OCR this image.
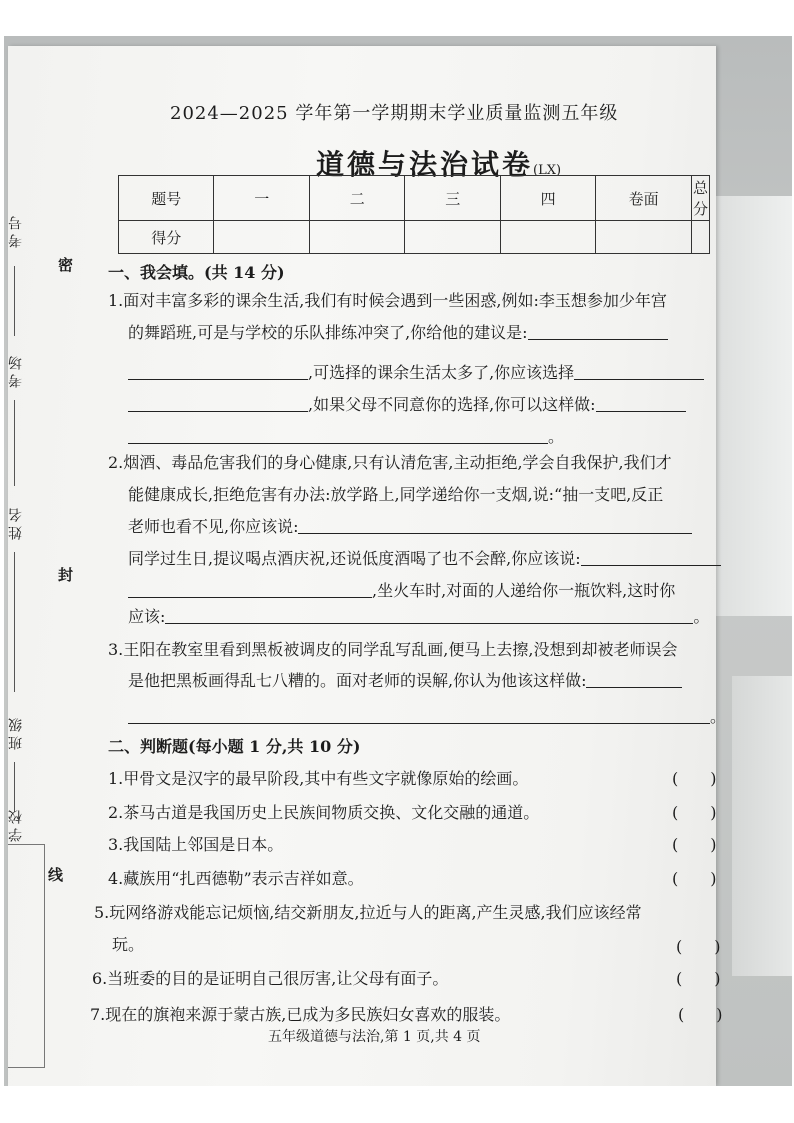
考号
考场
姓名
班级
学校
密
封
线
2024—2025 学年第一学期期末学业质量监测五年级
道德与法治试卷(LX)
题号	一	二	三	四	卷面	总分
得分						
一、我会填。(共 14 分)
1.面对丰富多彩的课余生活,我们有时候会遇到一些困惑,例如:李玉想参加少年宫
的舞蹈班,可是与学校的乐队排练冲突了,你给他的建议是:
,可选择的课余生活太多了,你应该选择
,如果父母不同意你的选择,你可以这样做:
。
2.烟酒、毒品危害我们的身心健康,只有认清危害,主动拒绝,学会自我保护,我们才
能健康成长,拒绝危害有办法:放学路上,同学递给你一支烟,说:“抽一支吧,反正
老师也看不见,你应该说:
同学过生日,提议喝点酒庆祝,还说低度酒喝了也不会醉,你应该说:
,坐火车时,对面的人递给你一瓶饮料,这时你
应该:	。
3.王阳在教室里看到黑板被调皮的同学乱写乱画,便马上去擦,没想到却被老师误会
是他把黑板画得乱七八糟的。面对老师的误解,你认为他该这样做:
。
二、判断题(每小题 1 分,共 10 分)
1.甲骨文是汉字的最早阶段,其中有些文字就像原始的绘画。	(　　)
2.茶马古道是我国历史上民族间物质交换、文化交融的通道。	(　　)
3.我国陆上邻国是日本。	(　　)
4.藏族用“扎西德勒”表示吉祥如意。	(　　)
5.玩网络游戏能忘记烦恼,结交新朋友,拉近与人的距离,产生灵感,我们应该经常
玩。	(　　)
6.当班委的目的是证明自己很厉害,让父母有面子。	(　　)
7.现在的旗袍来源于蒙古族,已成为多民族妇女喜欢的服装。	(　　)
五年级道德与法治,第 1 页,共 4 页
